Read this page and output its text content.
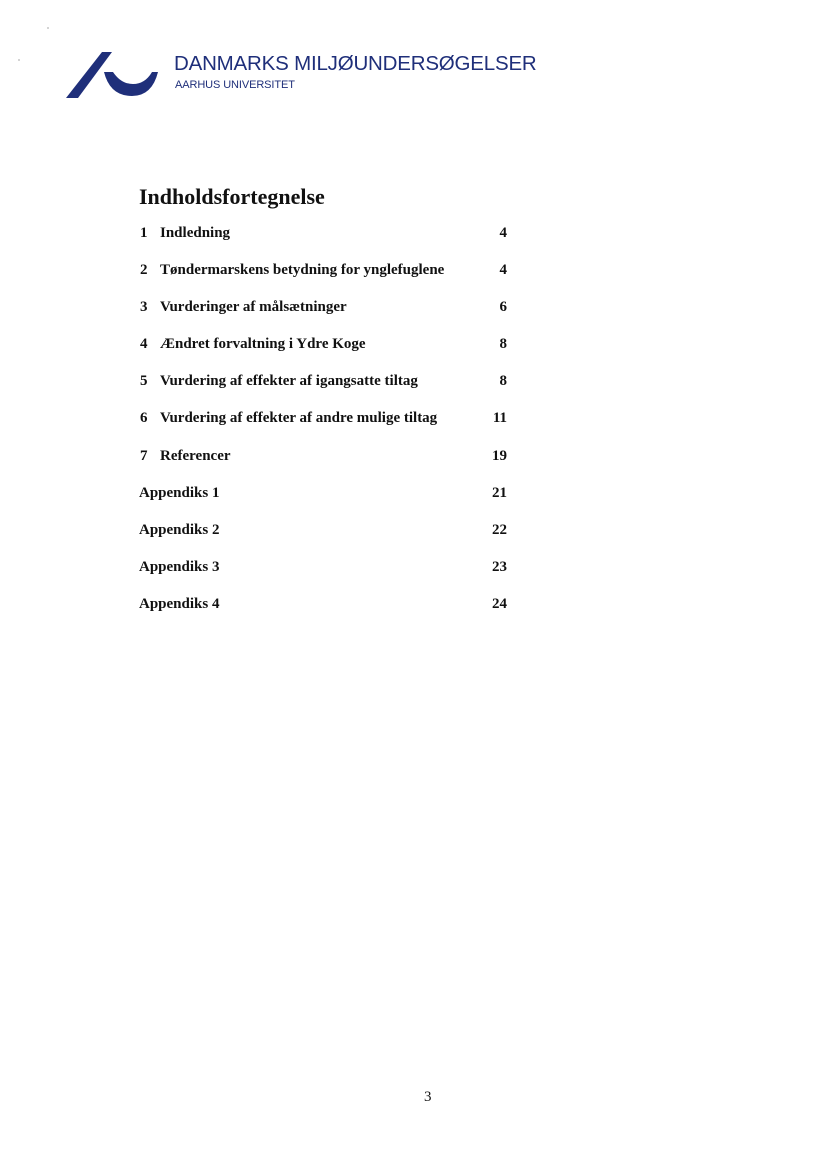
DANMARKS MILJØUNDERSØGELSER
AARHUS UNIVERSITET
Indholdsfortegnelse
1 Indledning	4
2 Tøndermarskens betydning for ynglefuglene	4
3 Vurderinger af målsætninger	6
4 Ændret forvaltning i Ydre Koge	8
5 Vurdering af effekter af igangsatte tiltag	8
6 Vurdering af effekter af andre mulige tiltag	11
7 Referencer	19
Appendiks 1	21
Appendiks 2	22
Appendiks 3	23
Appendiks 4	24
3
